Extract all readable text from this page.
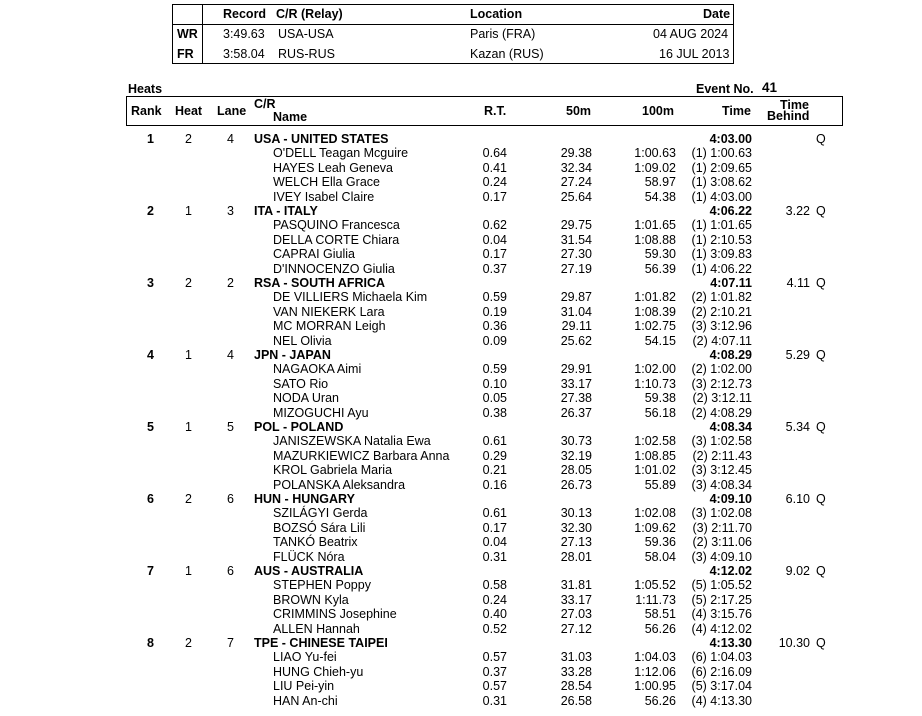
Record C/R (Relay)	Location	Date
WR 3:49.63 USA-USA	Paris (FRA)	04 AUG 2024
FR 3:58.04 RUS-RUS	Kazan (RUS)	16 JUL 2013
Heats	Event No. 41
Rank Heat Lane C/R
Name	R.T.	50m	100m	Time Time
Behind
1	2	4 USA - UNITED STATES	4:03.00	Q
O'DELL Teagan Mcguire	0.64	29.38	1:00.63	(1) 1:00.63
HAYES Leah Geneva	0.41	32.34	1:09.02	(1) 2:09.65
WELCH Ella Grace	0.24	27.24	58.97	(1) 3:08.62
IVEY Isabel Claire	0.17	25.64	54.38	(1) 4:03.00
2	1	3 ITA - ITALY	4:06.22	3.22 Q
PASQUINO Francesca	0.62	29.75	1:01.65	(1) 1:01.65
DELLA CORTE Chiara	0.04	31.54	1:08.88	(1) 2:10.53
CAPRAI Giulia	0.17	27.30	59.30	(1) 3:09.83
D'INNOCENZO Giulia	0.37	27.19	56.39	(1) 4:06.22
3	2	2 RSA - SOUTH AFRICA	4:07.11	4.11 Q
DE VILLIERS Michaela Kim	0.59	29.87	1:01.82	(2) 1:01.82
VAN NIEKERK Lara	0.19	31.04	1:08.39	(2) 2:10.21
MC MORRAN Leigh	0.36	29.11	1:02.75	(3) 3:12.96
NEL Olivia	0.09	25.62	54.15	(2) 4:07.11
4	1	4 JPN - JAPAN	4:08.29	5.29 Q
NAGAOKA Aimi	0.59	29.91	1:02.00	(2) 1:02.00
SATO Rio	0.10	33.17	1:10.73	(3) 2:12.73
NODA Uran	0.05	27.38	59.38	(2) 3:12.11
MIZOGUCHI Ayu	0.38	26.37	56.18	(2) 4:08.29
5	1	5 POL - POLAND	4:08.34	5.34 Q
JANISZEWSKA Natalia Ewa	0.61	30.73	1:02.58	(3) 1:02.58
MAZURKIEWICZ Barbara Anna	0.29	32.19	1:08.85	(2) 2:11.43
KROL Gabriela Maria	0.21	28.05	1:01.02	(3) 3:12.45
POLANSKA Aleksandra	0.16	26.73	55.89	(3) 4:08.34
6	2	6 HUN - HUNGARY	4:09.10	6.10 Q
SZILÁGYI Gerda	0.61	30.13	1:02.08	(3) 1:02.08
BOZSÓ Sára Lili	0.17	32.30	1:09.62	(3) 2:11.70
TANKÓ Beatrix	0.04	27.13	59.36	(2) 3:11.06
FLÜCK Nóra	0.31	28.01	58.04	(3) 4:09.10
7	1	6 AUS - AUSTRALIA	4:12.02	9.02 Q
STEPHEN Poppy	0.58	31.81	1:05.52	(5) 1:05.52
BROWN Kyla	0.24	33.17	1:11.73	(5) 2:17.25
CRIMMINS Josephine	0.40	27.03	58.51	(4) 3:15.76
ALLEN Hannah	0.52	27.12	56.26	(4) 4:12.02
8	2	7 TPE - CHINESE TAIPEI	4:13.30	10.30 Q
LIAO Yu-fei	0.57	31.03	1:04.03	(6) 1:04.03
HUNG Chieh-yu	0.37	33.28	1:12.06	(6) 2:16.09
LIU Pei-yin	0.57	28.54	1:00.95	(5) 3:17.04
HAN An-chi	0.31	26.58	56.26	(4) 4:13.30
